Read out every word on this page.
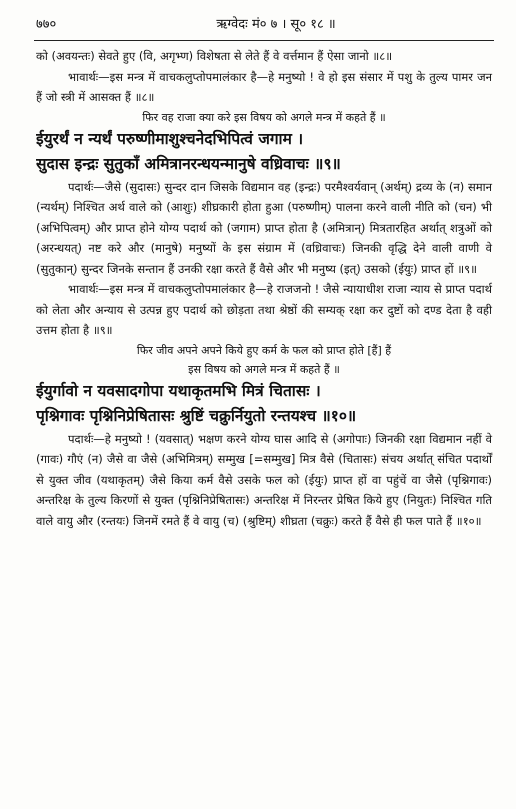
७७०	ऋग्वेदः मं० ७ । सू० १८ ॥

को (अवयन्तः) सेवते हुए (वि, अगृभ्ण) विशेषता से लेते हैं वे वर्त्तमान हैं ऐसा जानो ॥८॥

भावार्थः—इस मन्त्र में वाचकलुप्तोपमालंकार है—हे मनुष्यो ! वे हो इस संसार में पशु के तुल्य पामर जन हैं जो स्त्री में आसक्त हैं ॥८॥

फिर वह राजा क्या करे इस विषय को अगले मन्त्र में कहते हैं ॥

ईयुरर्थं न न्यर्थं परुष्णीमाशुश्चनेदभिपित्वं जगाम ।

सुदास इन्द्रः सुतुकाँ अमित्रानरन्धयन्मानुषे वध्रिवाचः ॥९॥

पदार्थः—जैसे (सुदासः) सुन्दर दान जिसके विद्यमान वह (इन्द्रः) परमैश्वर्यवान् (अर्थम्) द्रव्य के (न) समान (न्यर्थम्) निश्चित अर्थ वाले को (आशुः) शीघ्रकारी होता हुआ (परुष्णीम्) पालना करने वाली नीति को (चन) भी (अभिपित्वम्) और प्राप्त होने योग्य पदार्थ को (जगाम) प्राप्त होता है (अमित्रान्) मित्रतारहित अर्थात् शत्रुओं को (अरन्धयत्) नष्ट करे और (मानुषे) मनुष्यों के इस संग्राम में (वध्रिवाचः) जिनकी वृद्धि देने वाली वाणी वे (सुतुकान्) सुन्दर जिनके सन्तान हैं उनकी रक्षा करते हैं वैसे और भी मनुष्य (इत्) उसको (ईयुः) प्राप्त हों ॥९॥

भावार्थः—इस मन्त्र में वाचकलुप्तोपमालंकार है—हे राजजनो ! जैसे न्यायाधीश राजा न्याय से प्राप्त पदार्थ को लेता और अन्याय से उत्पन्न हुए पदार्थ को छोड़ता तथा श्रेष्ठों की सम्यक् रक्षा कर दुष्टों को दण्ड देता है वही उत्तम होता है ॥९॥

फिर जीव अपने अपने किये हुए कर्म के फल को प्राप्त होते [हैं] हैं

इस विषय को अगले मन्त्र में कहते हैं ॥

ईयुर्गावो न यवसादगोपा यथाकृतमभि मित्रं चितासः ।

पृश्निगावः पृश्निनिप्रेषितासः श्रुष्टिं चक्रुर्नियुतो रन्तयश्च ॥१०॥

पदार्थः—हे मनुष्यो ! (यवसात्) भक्षण करने योग्य घास आदि से (अगोपाः) जिनकी रक्षा विद्यमान नहीं वे (गावः) गौएं (न) जैसे वा जैसे (अभिमित्रम्) सम्मुख [=सम्मुख] मित्र वैसे (चितासः) संचय अर्थात् संचित पदार्थों से युक्त जीव (यथाकृतम्) जैसे किया कर्म वैसे उसके फल को (ईयुः) प्राप्त हों वा पहुंचें वा जैसे (पृश्निगावः) अन्तरिक्ष के तुल्य किरणों से युक्त (पृश्निनिप्रेषितासः) अन्तरिक्ष में निरन्तर प्रेषित किये हुए (नियुतः) निश्चित गति वाले वायु और (रन्तयः) जिनमें रमते हैं वे वायु (च) (श्रुष्टिम्) शीघ्रता (चक्रुः) करते हैं वैसे ही फल पाते हैं ॥१०॥
